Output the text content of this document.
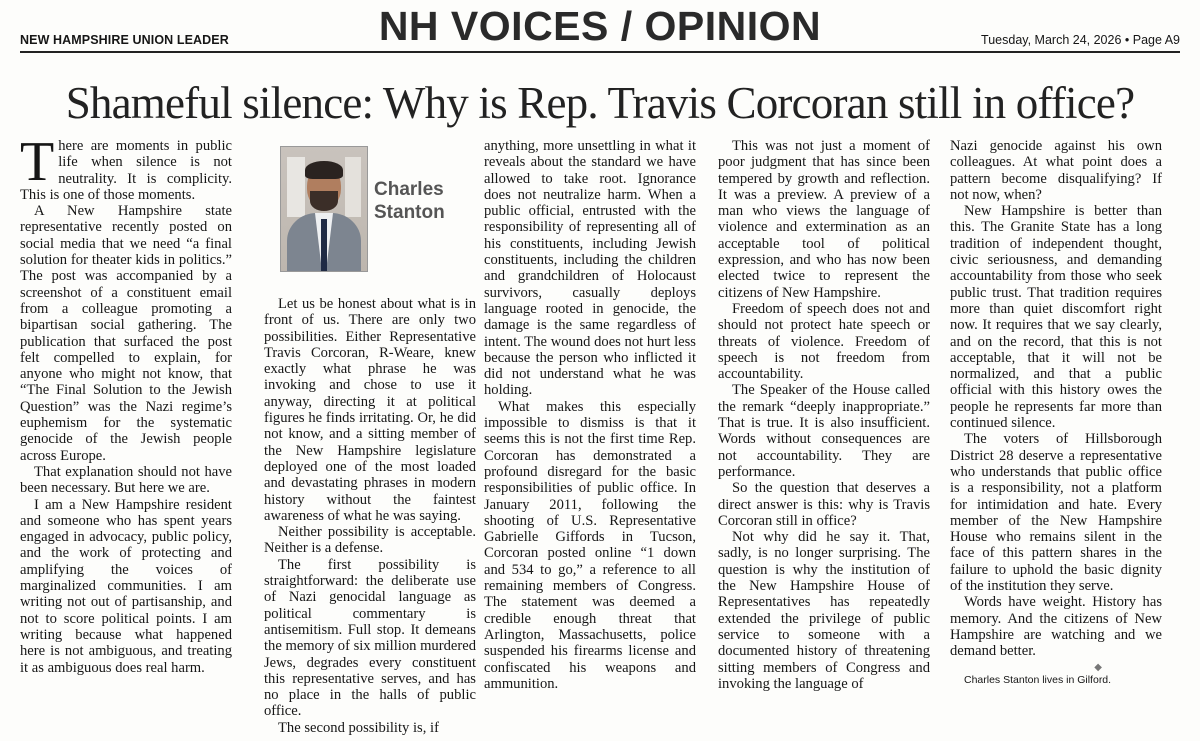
NEW HAMPSHIRE UNION LEADER	NH VOICES / OPINION	Tuesday, March 24, 2026 • Page A9
Shameful silence: Why is Rep. Travis Corcoran still in office?

There are moments in public life when silence is not neutrality. It is complicity. This is one of those moments.

A New Hampshire state representative recently posted on social media that we need “a final solution for theater kids in politics.” The post was accompanied by a screenshot of a constituent email from a colleague promoting a bipartisan social gathering. The publication that surfaced the post felt compelled to explain, for anyone who might not know, that “The Final Solution to the Jewish Question” was the Nazi regime’s euphemism for the systematic genocide of the Jewish people across Europe.

That explanation should not have been necessary. But here we are.

I am a New Hampshire resident and someone who has spent years engaged in advocacy, public policy, and the work of protecting and amplifying the voices of marginalized communities. I am writing not out of partisanship, and not to score political points. I am writing because what happened here is not ambiguous, and treating it as ambiguous does real harm.

Charles
Stanton

Let us be honest about what is in front of us. There are only two possibilities. Either Representative Travis Corcoran, R-Weare, knew exactly what phrase he was invoking and chose to use it anyway, directing it at political figures he finds irritating. Or, he did not know, and a sitting member of the New Hampshire legislature deployed one of the most loaded and devastating phrases in modern history without the faintest awareness of what he was saying.

Neither possibility is acceptable. Neither is a defense.

The first possibility is straightforward: the deliberate use of Nazi genocidal language as political commentary is antisemitism. Full stop. It demeans the memory of six million murdered Jews, degrades every constituent this representative serves, and has no place in the halls of public office.

The second possibility is, if

anything, more unsettling in what it reveals about the standard we have allowed to take root. Ignorance does not neutralize harm. When a public official, entrusted with the responsibility of representing all of his constituents, including Jewish constituents, including the children and grandchildren of Holocaust survivors, casually deploys language rooted in genocide, the damage is the same regardless of intent. The wound does not hurt less because the person who inflicted it did not understand what he was holding.

What makes this especially impossible to dismiss is that it seems this is not the first time Rep. Corcoran has demonstrated a profound disregard for the basic responsibilities of public office. In January 2011, following the shooting of U.S. Representative Gabrielle Giffords in Tucson, Corcoran posted online “1 down and 534 to go,” a reference to all remaining members of Congress. The statement was deemed a credible enough threat that Arlington, Massachusetts, police suspended his firearms license and confiscated his weapons and ammunition.

This was not just a moment of poor judgment that has since been tempered by growth and reflection. It was a preview. A preview of a man who views the language of violence and extermination as an acceptable tool of political expression, and who has now been elected twice to represent the citizens of New Hampshire.

Freedom of speech does not and should not protect hate speech or threats of violence. Freedom of speech is not freedom from accountability.

The Speaker of the House called the remark “deeply inappropriate.” That is true. It is also insufficient. Words without consequences are not accountability. They are performance.

So the question that deserves a direct answer is this: why is Travis Corcoran still in office?

Not why did he say it. That, sadly, is no longer surprising. The question is why the institution of the New Hampshire House of Representatives has repeatedly extended the privilege of public service to someone with a documented history of threatening sitting members of Congress and invoking the language of

Nazi genocide against his own colleagues. At what point does a pattern become disqualifying? If not now, when?

New Hampshire is better than this. The Granite State has a long tradition of independent thought, civic seriousness, and demanding accountability from those who seek public trust. That tradition requires more than quiet discomfort right now. It requires that we say clearly, and on the record, that this is not acceptable, that it will not be normalized, and that a public official with this history owes the people he represents far more than continued silence.

The voters of Hillsborough District 28 deserve a representative who understands that public office is a responsibility, not a platform for intimidation and hate. Every member of the New Hampshire House who remains silent in the face of this pattern shares in the failure to uphold the basic dignity of the institution they serve.

Words have weight. History has memory. And the citizens of New Hampshire are watching and we demand better.

◆

Charles Stanton lives in Gilford.
